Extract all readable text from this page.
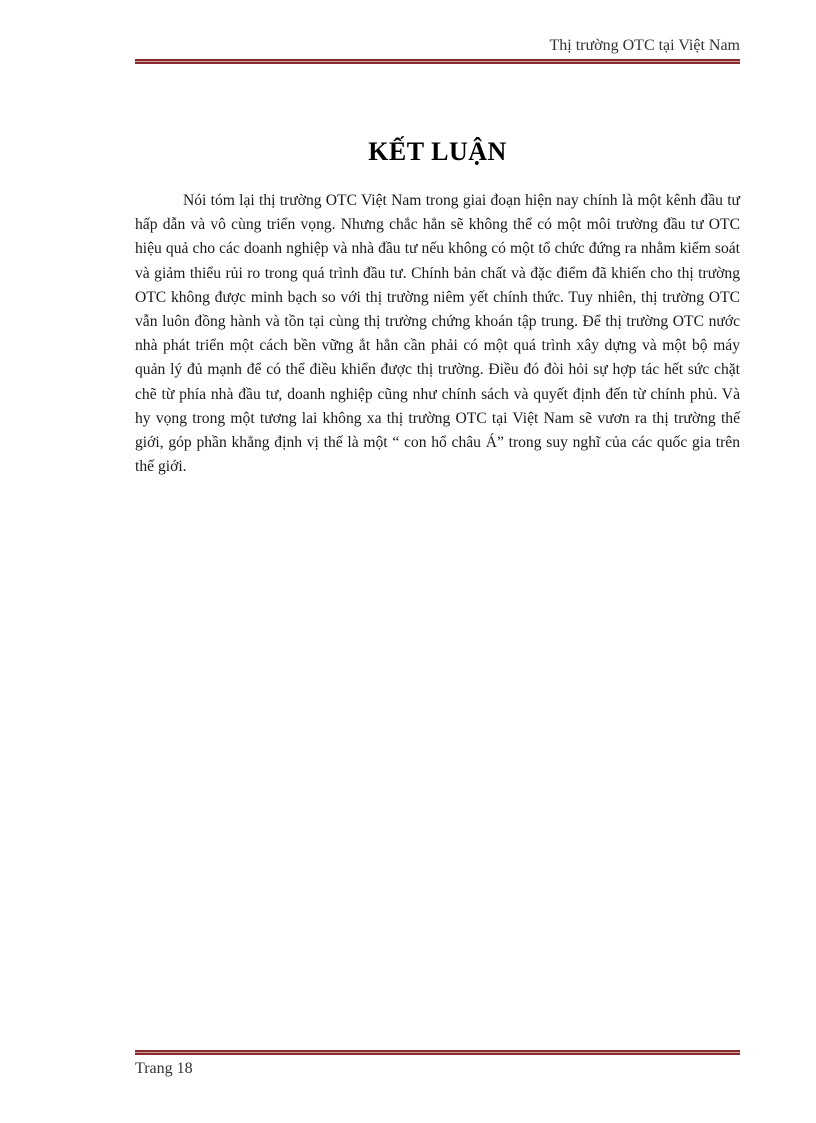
Thị trường OTC tại Việt Nam
KẾT LUẬN

Nói tóm lại thị trường OTC Việt Nam trong giai đoạn hiện nay chính là một kênh đầu tư hấp dẫn và vô cùng triển vọng. Nhưng chắc hẳn sẽ không thể có một môi trường đầu tư OTC hiệu quả cho các doanh nghiệp và nhà đầu tư nếu không có một tổ chức đứng ra nhằm kiểm soát và giảm thiểu rủi ro trong quá trình đầu tư. Chính bản chất và đặc điểm đã khiến cho thị trường OTC không được minh bạch so với thị trường niêm yết chính thức. Tuy nhiên, thị trường OTC vẫn luôn đồng hành và tồn tại cùng thị trường chứng khoán tập trung. Để thị trường OTC nước nhà phát triển một cách bền vững ắt hẳn cần phải có một quá trình xây dựng và một bộ máy quản lý đủ mạnh để có thể điều khiển được thị trường. Điều đó đòi hỏi sự hợp tác hết sức chặt chẽ từ phía nhà đầu tư, doanh nghiệp cũng như chính sách và quyết định đến từ chính phủ. Và hy vọng trong một tương lai không xa thị trường OTC tại Việt Nam sẽ vươn ra thị trường thế giới, góp phần khẳng định vị thế là một “ con hổ châu Á” trong suy nghĩ của các quốc gia trên thế giới.

Trang 18
